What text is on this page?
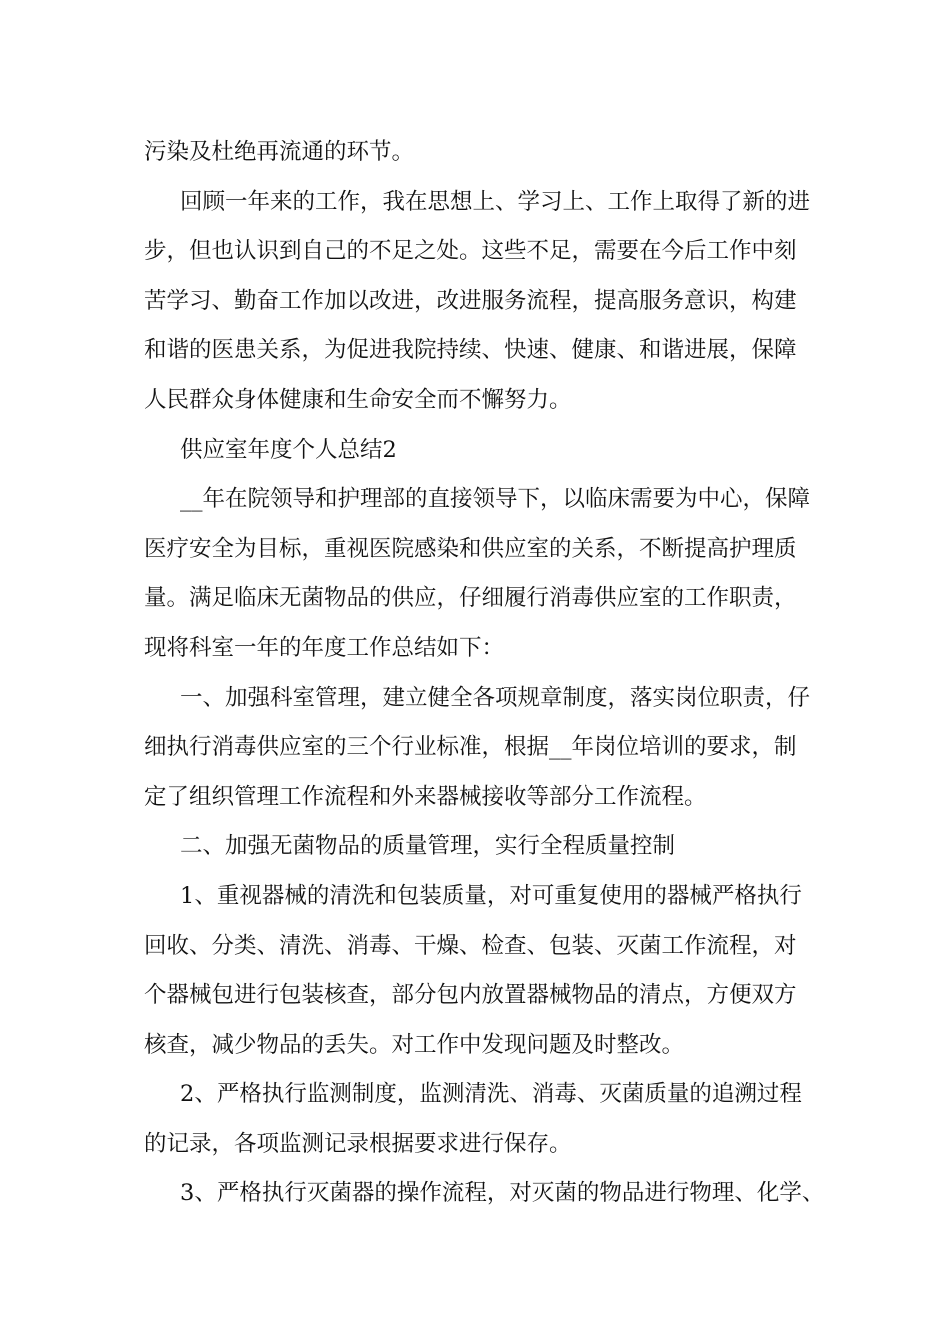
污染及杜绝再流通的环节。
回顾一年来的工作，我在思想上、学习上、工作上取得了新的进
步，但也认识到自己的不足之处。这些不足，需要在今后工作中刻
苦学习、勤奋工作加以改进，改进服务流程，提高服务意识，构建
和谐的医患关系，为促进我院持续、快速、健康、和谐进展，保障
人民群众身体健康和生命安全而不懈努力。
供应室年度个人总结2
__年在院领导和护理部的直接领导下，以临床需要为中心，保障
医疗安全为目标，重视医院感染和供应室的关系，不断提高护理质
量。满足临床无菌物品的供应，仔细履行消毒供应室的工作职责，
现将科室一年的年度工作总结如下：
一、加强科室管理，建立健全各项规章制度，落实岗位职责，仔
细执行消毒供应室的三个行业标准，根据__年岗位培训的要求，制
定了组织管理工作流程和外来器械接收等部分工作流程。
二、加强无菌物品的质量管理，实行全程质量控制
1、重视器械的清洗和包装质量，对可重复使用的器械严格执行
回收、分类、清洗、消毒、干燥、检查、包装、灭菌工作流程，对
个器械包进行包装核查，部分包内放置器械物品的清点，方便双方
核查，减少物品的丢失。对工作中发现问题及时整改。
2、严格执行监测制度，监测清洗、消毒、灭菌质量的追溯过程
的记录，各项监测记录根据要求进行保存。
3、严格执行灭菌器的操作流程，对灭菌的物品进行物理、化学、
